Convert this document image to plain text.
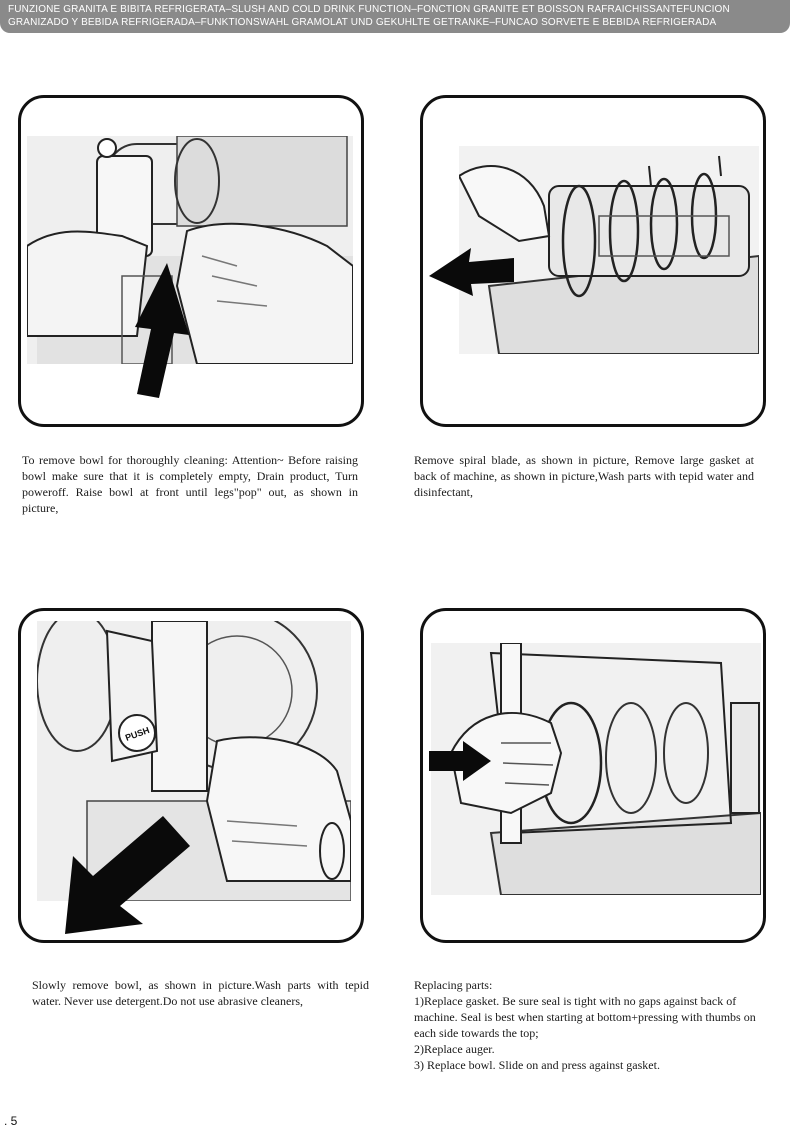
FUNZIONE GRANITA E BIBITA REFRIGERATA–SLUSH AND COLD DRINK FUNCTION–FONCTION GRANITE ET BOISSON RAFRAICHISSANTEFUNCION
GRANIZADO Y BEBIDA REFRIGERADA–FUNKTIONSWAHL GRAMOLAT UND GEKUHLTE GETRANKE–FUNCAO SORVETE E BEBIDA REFRIGERADA
PUSH

To remove bowl for thoroughly cleaning: Attention~ Before raising bowl make sure that it is completely empty, Drain product, Turn poweroff. Raise bowl at front until legs"pop" out, as shown in picture,

Remove spiral blade, as shown in picture, Remove large gasket at back of machine, as shown in picture,Wash parts with tepid water and disinfectant,

Slowly remove bowl, as shown in picture.Wash parts with tepid water. Never use detergent.Do not use abrasive cleaners,

Replacing parts:

1)Replace gasket. Be sure seal is tight with no gaps against back of machine. Seal is best when starting at bottom+pressing with thumbs on each side towards the top;

2)Replace auger.

3) Replace bowl. Slide on and press against gasket.

. 5
